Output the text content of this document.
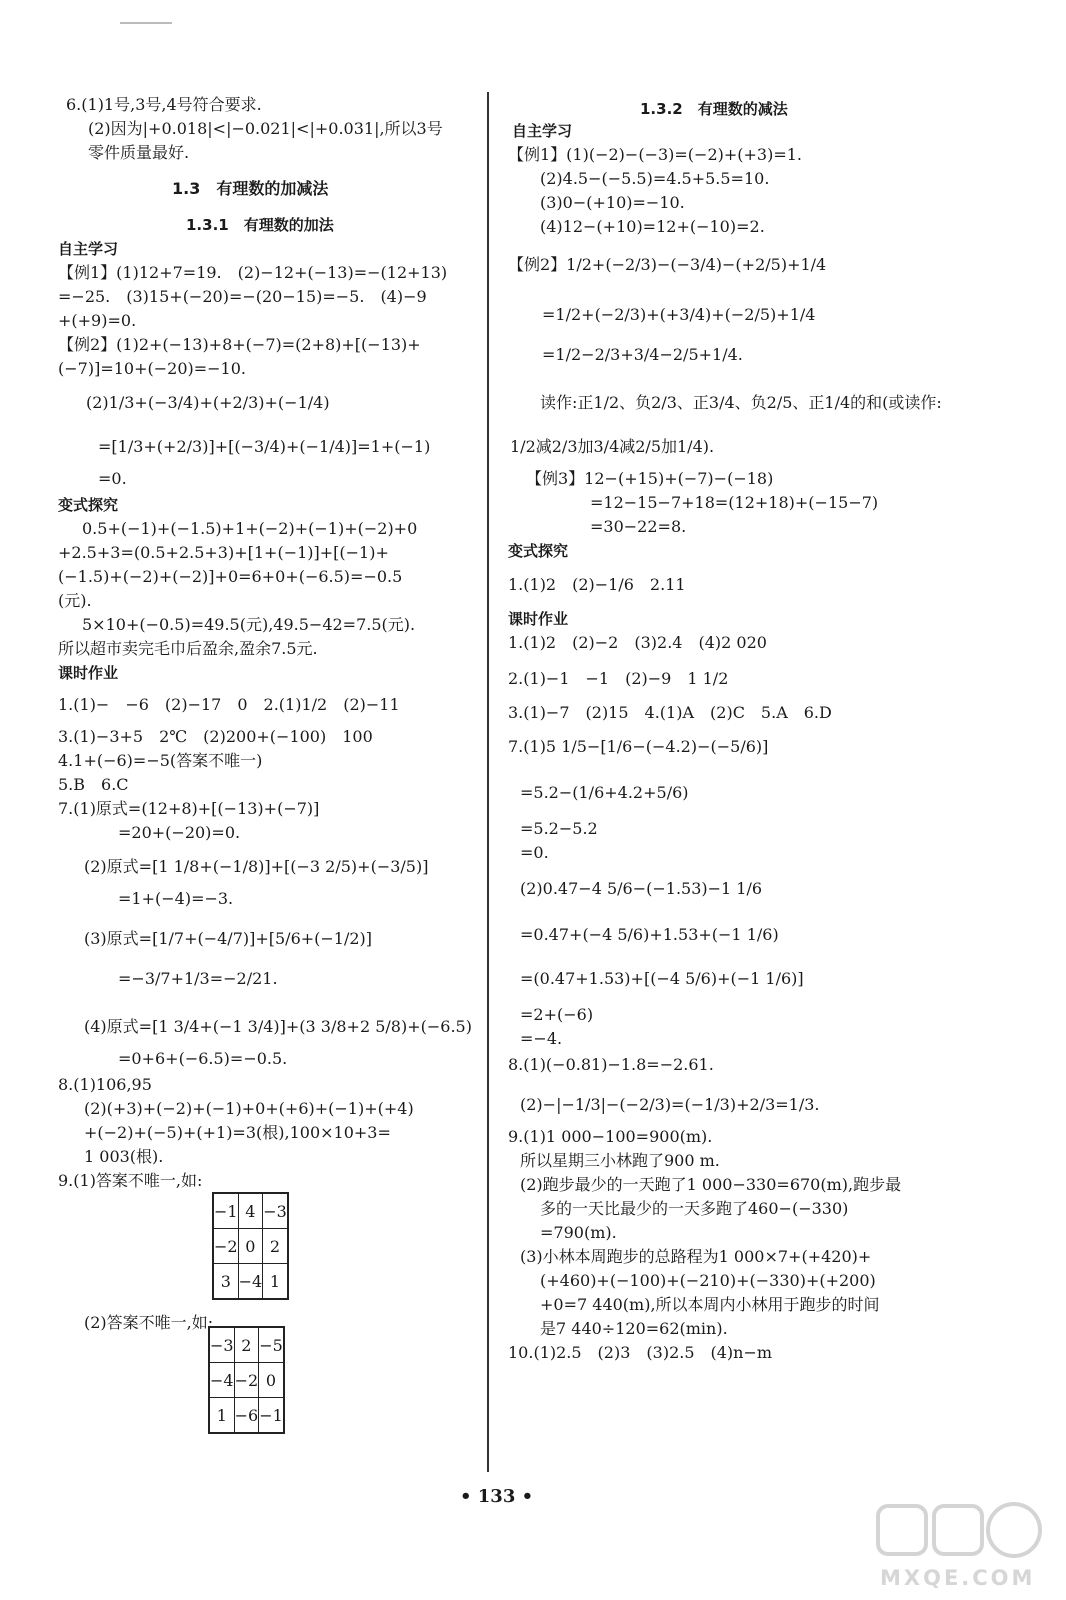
6.(1)1号,3号,4号符合要求.
(2)因为|+0.018|<|−0.021|<|+0.031|,所以3号
零件质量最好.
1.3　有理数的加减法
1.3.1　有理数的加法
自主学习
【例1】(1)12+7=19.　(2)−12+(−13)=−(12+13)
=−25.　(3)15+(−20)=−(20−15)=−5.　(4)−9
+(+9)=0.
【例2】(1)2+(−13)+8+(−7)=(2+8)+[(−13)+
(−7)]=10+(−20)=−10.
(2)1/3+(−3/4)+(+2/3)+(−1/4)
=[1/3+(+2/3)]+[(−3/4)+(−1/4)]=1+(−1)
=0.
变式探究
0.5+(−1)+(−1.5)+1+(−2)+(−1)+(−2)+0
+2.5+3=(0.5+2.5+3)+[1+(−1)]+[(−1)+
(−1.5)+(−2)+(−2)]+0=6+0+(−6.5)=−0.5
(元).
5×10+(−0.5)=49.5(元),49.5−42=7.5(元).
所以超市卖完毛巾后盈余,盈余7.5元.
课时作业
1.(1)−　−6　(2)−17　0　2.(1)1/2　(2)−11
3.(1)−3+5　2℃　(2)200+(−100)　100
4.1+(−6)=−5(答案不唯一)
5.B　6.C
7.(1)原式=(12+8)+[(−13)+(−7)]
=20+(−20)=0.
(2)原式=[1 1/8+(−1/8)]+[(−3 2/5)+(−3/5)]
=1+(−4)=−3.
(3)原式=[1/7+(−4/7)]+[5/6+(−1/2)]
=−3/7+1/3=−2/21.
(4)原式=[1 3/4+(−1 3/4)]+(3 3/8+2 5/8)+(−6.5)
=0+6+(−6.5)=−0.5.
8.(1)106,95
(2)(+3)+(−2)+(−1)+0+(+6)+(−1)+(+4)
+(−2)+(−5)+(+1)=3(根),100×10+3=
1 003(根).
9.(1)答案不唯一,如:
−1	4	−3
−2	0	2
3	−4	1
(2)答案不唯一,如:
−3	2	−5
−4	−2	0
1	−6	−1
1.3.2　有理数的减法
自主学习
【例1】(1)(−2)−(−3)=(−2)+(+3)=1.
(2)4.5−(−5.5)=4.5+5.5=10.
(3)0−(+10)=−10.
(4)12−(+10)=12+(−10)=2.
【例2】1/2+(−2/3)−(−3/4)−(+2/5)+1/4
=1/2+(−2/3)+(+3/4)+(−2/5)+1/4
=1/2−2/3+3/4−2/5+1/4.
读作:正1/2、负2/3、正3/4、负2/5、正1/4的和(或读作:
1/2减2/3加3/4减2/5加1/4).
【例3】12−(+15)+(−7)−(−18)
=12−15−7+18=(12+18)+(−15−7)
=30−22=8.
变式探究
1.(1)2　(2)−1/6　2.11
课时作业
1.(1)2　(2)−2　(3)2.4　(4)2 020
2.(1)−1　−1　(2)−9　1 1/2
3.(1)−7　(2)15　4.(1)A　(2)C　5.A　6.D
7.(1)5 1/5−[1/6−(−4.2)−(−5/6)]
=5.2−(1/6+4.2+5/6)
=5.2−5.2
=0.
(2)0.47−4 5/6−(−1.53)−1 1/6
=0.47+(−4 5/6)+1.53+(−1 1/6)
=(0.47+1.53)+[(−4 5/6)+(−1 1/6)]
=2+(−6)
=−4.
8.(1)(−0.81)−1.8=−2.61.
(2)−|−1/3|−(−2/3)=(−1/3)+2/3=1/3.
9.(1)1 000−100=900(m).
所以星期三小林跑了900 m.
(2)跑步最少的一天跑了1 000−330=670(m),跑步最
多的一天比最少的一天多跑了460−(−330)
=790(m).
(3)小林本周跑步的总路程为1 000×7+(+420)+
(+460)+(−100)+(−210)+(−330)+(+200)
+0=7 440(m),所以本周内小林用于跑步的时间
是7 440÷120=62(min).
10.(1)2.5　(2)3　(3)2.5　(4)n−m
• 133 •
MXQE.COM
